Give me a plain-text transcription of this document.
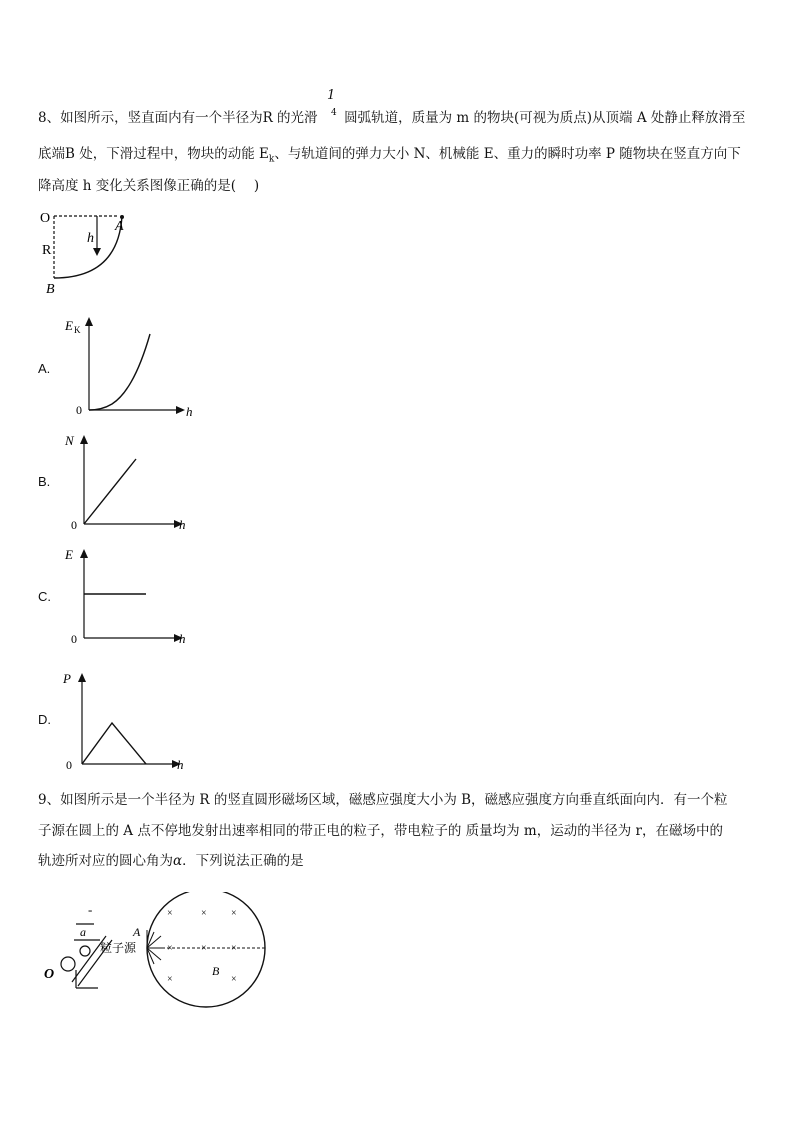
8、如图所示，竖直面内有一个半径为R 的光滑 圆弧轨道，质量为 m 的物块(可视为质点)从顶端 A 处静止释放滑至
1
4
底端B 处，下滑过程中，物块的动能 $E_k$、与轨道间的弹力大小 N、机械能 E、重力的瞬时功率 P 随物块在竖直方向下
降高度 h 变化关系图像正确的是(　 )
O
R
h
A
B
A.
E K
0	h
B.
N
0	h
C.
E
0	h
D.
P
0	h
9、如图所示是一个半径为 R 的竖直圆形磁场区域，磁感应强度大小为 B，磁感应强度方向垂直纸面向内．有一个粒
子源在圆上的 A 点不停地发射出速率相同的带正电的粒子，带电粒子的 质量均为 m，运动的半径为 r，在磁场中的
轨迹所对应的圆心角为α．下列说法正确的是
-
a
O
粒子源
A
B
×	× ×
×	× ×
×	×
